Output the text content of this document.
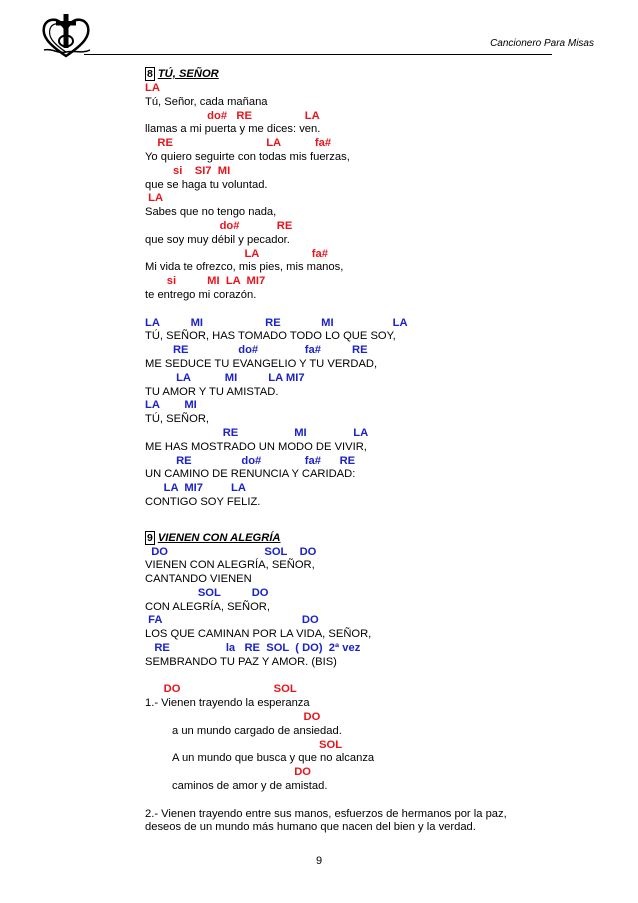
Cancionero Para Misas
8 TÚ, SEÑOR
LA
Tú, Señor, cada mañana
do#   RE                 LA
llamas a mi puerta y me dices: ven.
RE                              LA           fa#
Yo quiero seguirte con todas mis fuerzas,
si    SI7  MI
que se haga tu voluntad.
LA
Sabes que no tengo nada,
do#            RE
que soy muy débil y pecador.
LA                 fa#
Mi vida te ofrezco, mis pies, mis manos,
si          MI  LA  MI7
te entrego mi corazón.
LA          MI                    RE             MI                   LA
TÚ, SEÑOR, HAS TOMADO TODO LO QUE SOY,
RE                do#               fa#          RE
ME SEDUCE TU EVANGELIO Y TU VERDAD,
LA           MI          LA MI7
TU AMOR Y TU AMISTAD.
LA        MI
TÚ, SEÑOR,
RE                  MI               LA
ME HAS MOSTRADO UN MODO DE VIVIR,
RE                do#              fa#      RE
UN CAMINO DE RENUNCIA Y CARIDAD:
LA  MI7         LA
CONTIGO SOY FELIZ.
9 VIENEN CON ALEGRÍA
DO                               SOL    DO
VIENEN CON ALEGRÍA, SEÑOR,
CANTANDO VIENEN
SOL          DO
CON ALEGRÍA, SEÑOR,
FA                                             DO
LOS QUE CAMINAN POR LA VIDA, SEÑOR,
RE                  la   RE  SOL  ( DO)  2ª vez
SEMBRANDO TU PAZ Y AMOR. (BIS)
DO                              SOL
1.- Vienen trayendo la esperanza
DO
a un mundo cargado de ansiedad.
SOL
A un mundo que busca y que no alcanza
DO
caminos de amor y de amistad.
2.- Vienen trayendo entre sus manos, esfuerzos de hermanos por la paz,
deseos de un mundo más humano que nacen del bien y la verdad.
9
